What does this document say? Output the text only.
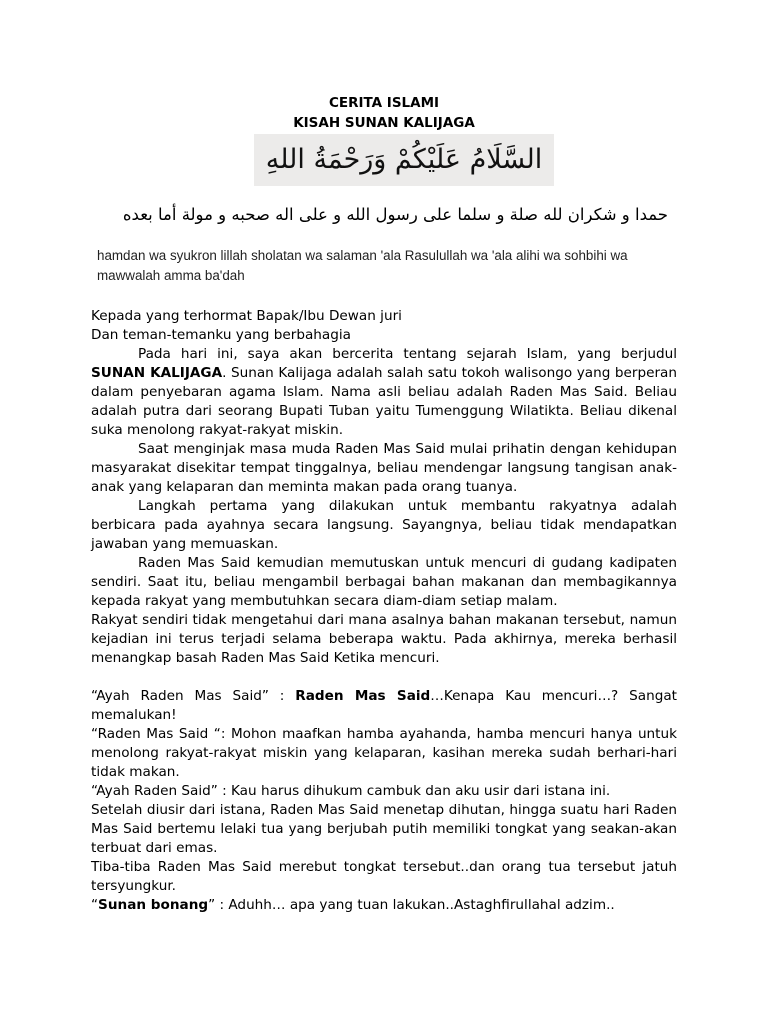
CERITA ISLAMI
KISAH SUNAN KALIJAGA
السَّلَامُ عَلَيْكُمْ وَرَحْمَةُ اللهِ
حمدا و شكران لله صلة و سلما على رسول الله و على اله صحبه و مولة أما بعده
hamdan wa syukron lillah sholatan wa salaman 'ala Rasulullah wa 'ala alihi wa sohbihi wa mawwalah amma ba'dah

Kepada yang terhormat Bapak/Ibu Dewan juri

Dan teman-temanku yang berbahagia

Pada hari ini, saya akan bercerita tentang sejarah Islam, yang berjudul SUNAN KALIJAGA. Sunan Kalijaga adalah salah satu tokoh walisongo yang berperan dalam penyebaran agama Islam. Nama asli beliau adalah Raden Mas Said. Beliau adalah putra dari seorang Bupati Tuban yaitu Tumenggung Wilatikta. Beliau dikenal suka menolong rakyat-rakyat miskin.

Saat menginjak masa muda Raden Mas Said mulai prihatin dengan kehidupan masyarakat disekitar tempat tinggalnya, beliau mendengar langsung tangisan anak-anak yang kelaparan dan meminta makan pada orang tuanya.

Langkah pertama yang dilakukan untuk membantu rakyatnya adalah berbicara pada ayahnya secara langsung. Sayangnya, beliau tidak mendapatkan jawaban yang memuaskan.

Raden Mas Said kemudian memutuskan untuk mencuri di gudang kadipaten sendiri. Saat itu, beliau mengambil berbagai bahan makanan dan membagikannya kepada rakyat yang membutuhkan secara diam-diam setiap malam.

Rakyat sendiri tidak mengetahui dari mana asalnya bahan makanan tersebut, namun kejadian ini terus terjadi selama beberapa waktu. Pada akhirnya, mereka berhasil menangkap basah Raden Mas Said Ketika mencuri.

“Ayah Raden Mas Said” : Raden Mas Said…Kenapa Kau mencuri…? Sangat memalukan!

“Raden Mas Said “: Mohon maafkan hamba ayahanda, hamba mencuri hanya untuk menolong rakyat-rakyat miskin yang kelaparan, kasihan mereka sudah berhari-hari tidak makan.

“Ayah Raden Said” : Kau harus dihukum cambuk dan aku usir dari istana ini.

Setelah diusir dari istana, Raden Mas Said menetap dihutan, hingga suatu hari Raden Mas Said bertemu lelaki tua yang berjubah putih memiliki tongkat yang seakan-akan terbuat dari emas.

Tiba-tiba Raden Mas Said merebut tongkat tersebut..dan orang tua tersebut jatuh tersyungkur.

“Sunan bonang” : Aduhh… apa yang tuan lakukan..Astaghfirullahal adzim..
